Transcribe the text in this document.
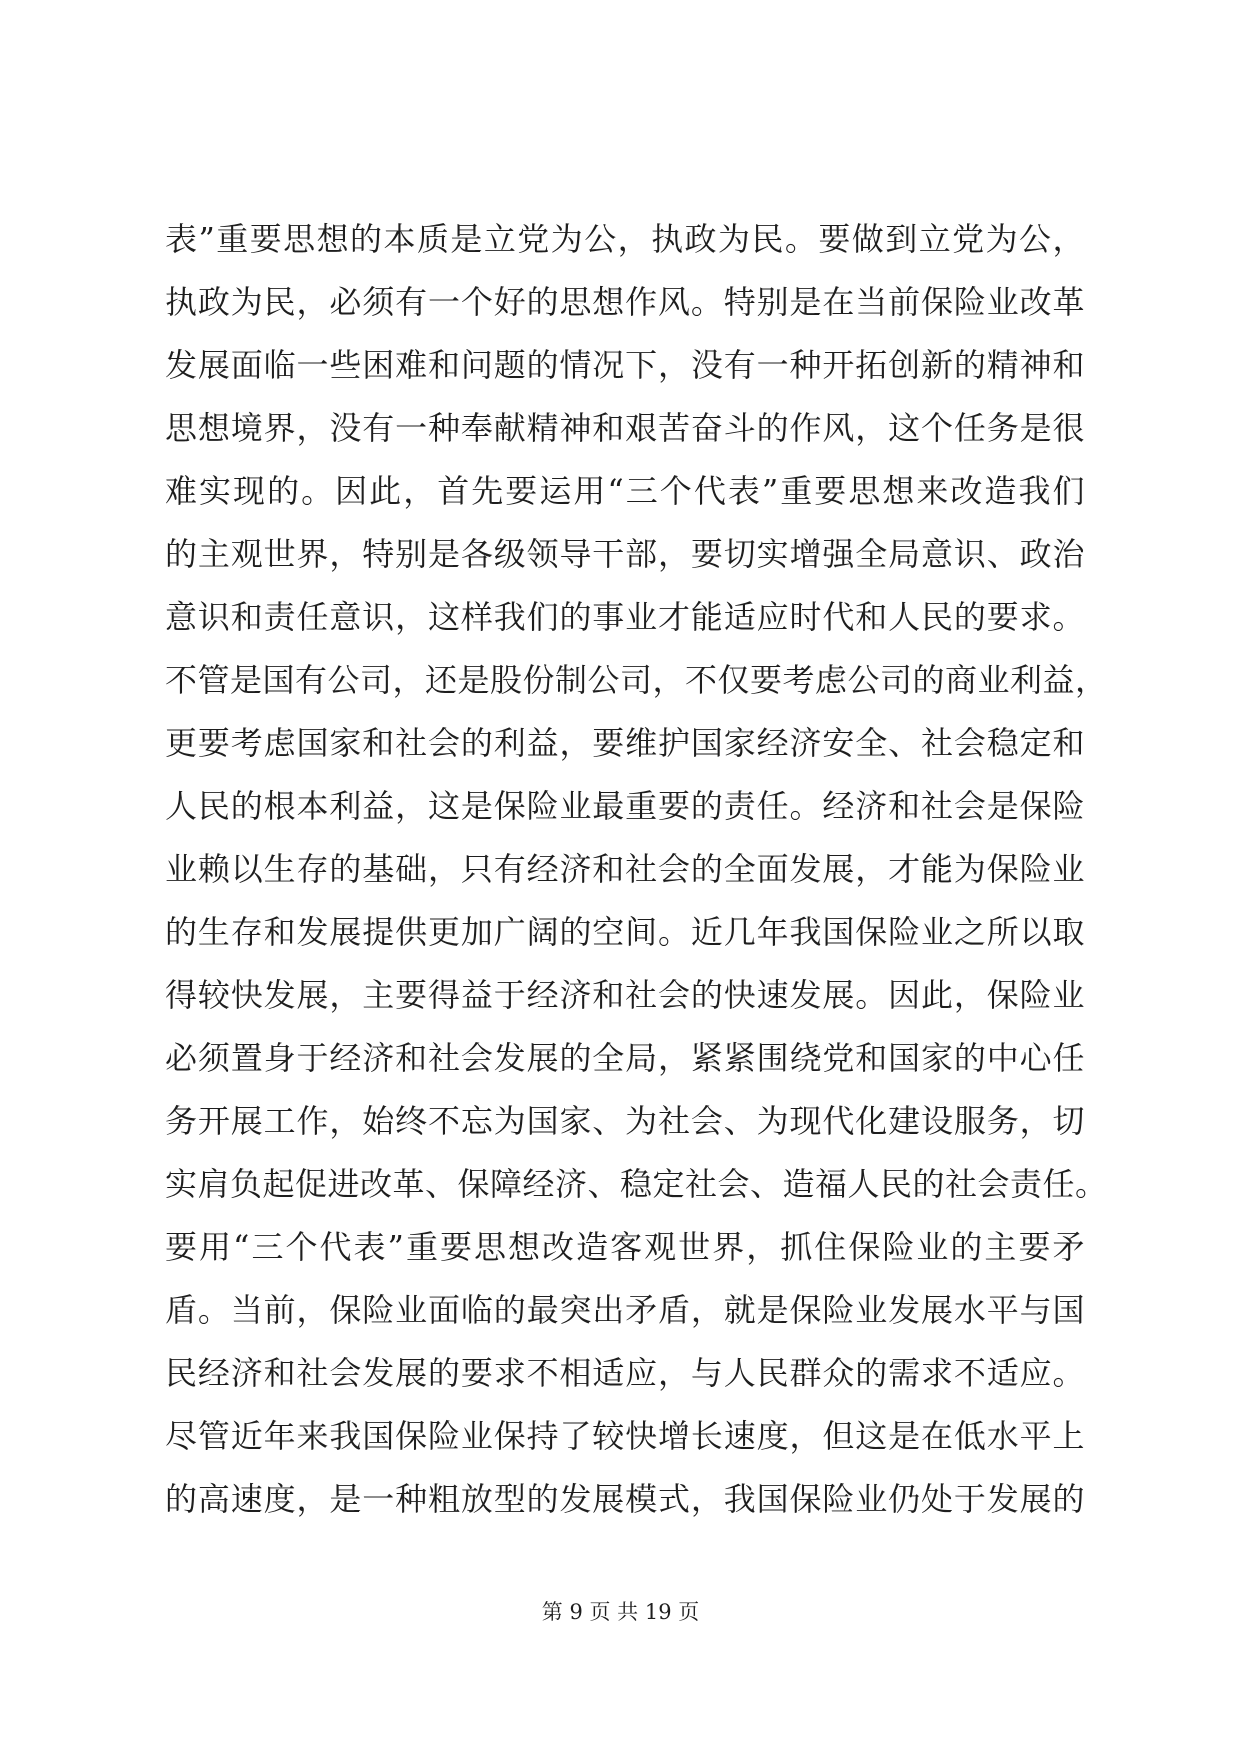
表”重要思想的本质是立党为公，执政为民。要做到立党为公，
执政为民，必须有一个好的思想作风。特别是在当前保险业改革
发展面临一些困难和问题的情况下，没有一种开拓创新的精神和
思想境界，没有一种奉献精神和艰苦奋斗的作风，这个任务是很
难实现的。因此，首先要运用“三个代表”重要思想来改造我们
的主观世界，特别是各级领导干部，要切实增强全局意识、政治
意识和责任意识，这样我们的事业才能适应时代和人民的要求。
不管是国有公司，还是股份制公司，不仅要考虑公司的商业利益，
更要考虑国家和社会的利益，要维护国家经济安全、社会稳定和
人民的根本利益，这是保险业最重要的责任。经济和社会是保险
业赖以生存的基础，只有经济和社会的全面发展，才能为保险业
的生存和发展提供更加广阔的空间。近几年我国保险业之所以取
得较快发展，主要得益于经济和社会的快速发展。因此，保险业
必须置身于经济和社会发展的全局，紧紧围绕党和国家的中心任
务开展工作，始终不忘为国家、为社会、为现代化建设服务，切
实肩负起促进改革、保障经济、稳定社会、造福人民的社会责任。
要用“三个代表”重要思想改造客观世界，抓住保险业的主要矛
盾。当前，保险业面临的最突出矛盾，就是保险业发展水平与国
民经济和社会发展的要求不相适应，与人民群众的需求不适应。
尽管近年来我国保险业保持了较快增长速度，但这是在低水平上
的高速度，是一种粗放型的发展模式，我国保险业仍处于发展的
第 9 页 共 19 页
